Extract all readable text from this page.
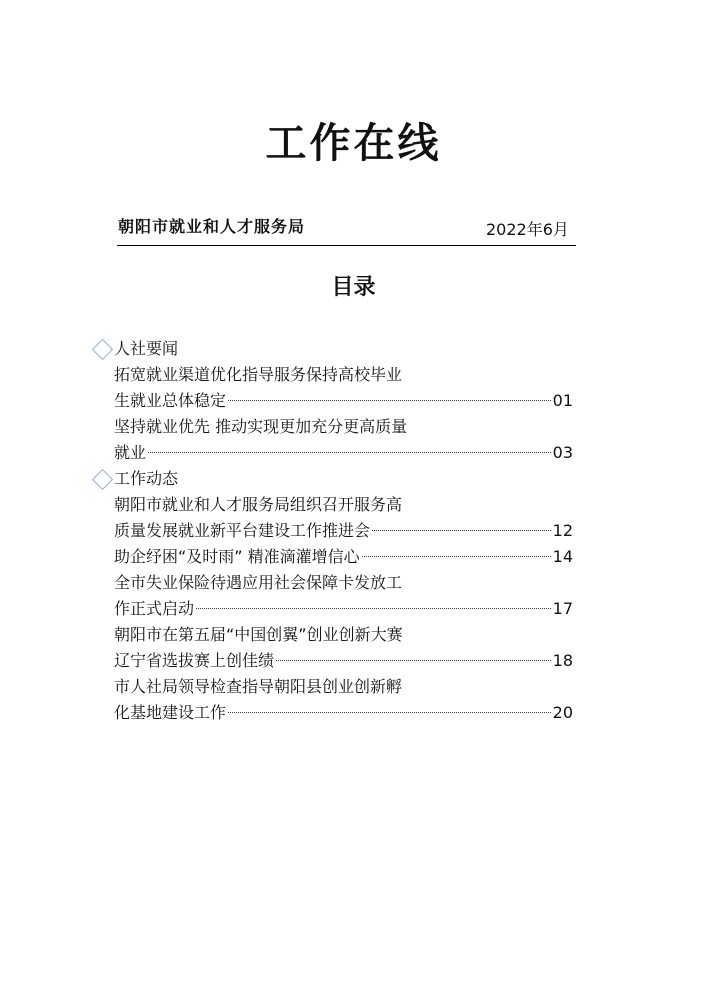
工作在线
朝阳市就业和人才服务局	2022年6月
目录
人社要闻
拓宽就业渠道优化指导服务保持高校毕业
生就业总体稳定	01
坚持就业优先 推动实现更加充分更高质量
就业	03
工作动态
朝阳市就业和人才服务局组织召开服务高
质量发展就业新平台建设工作推进会	12
助企纾困“及时雨” 精准滴灌增信心	14
全市失业保险待遇应用社会保障卡发放工
作正式启动	17
朝阳市在第五届“中国创翼”创业创新大赛
辽宁省选拔赛上创佳绩	18
市人社局领导检查指导朝阳县创业创新孵
化基地建设工作	20
